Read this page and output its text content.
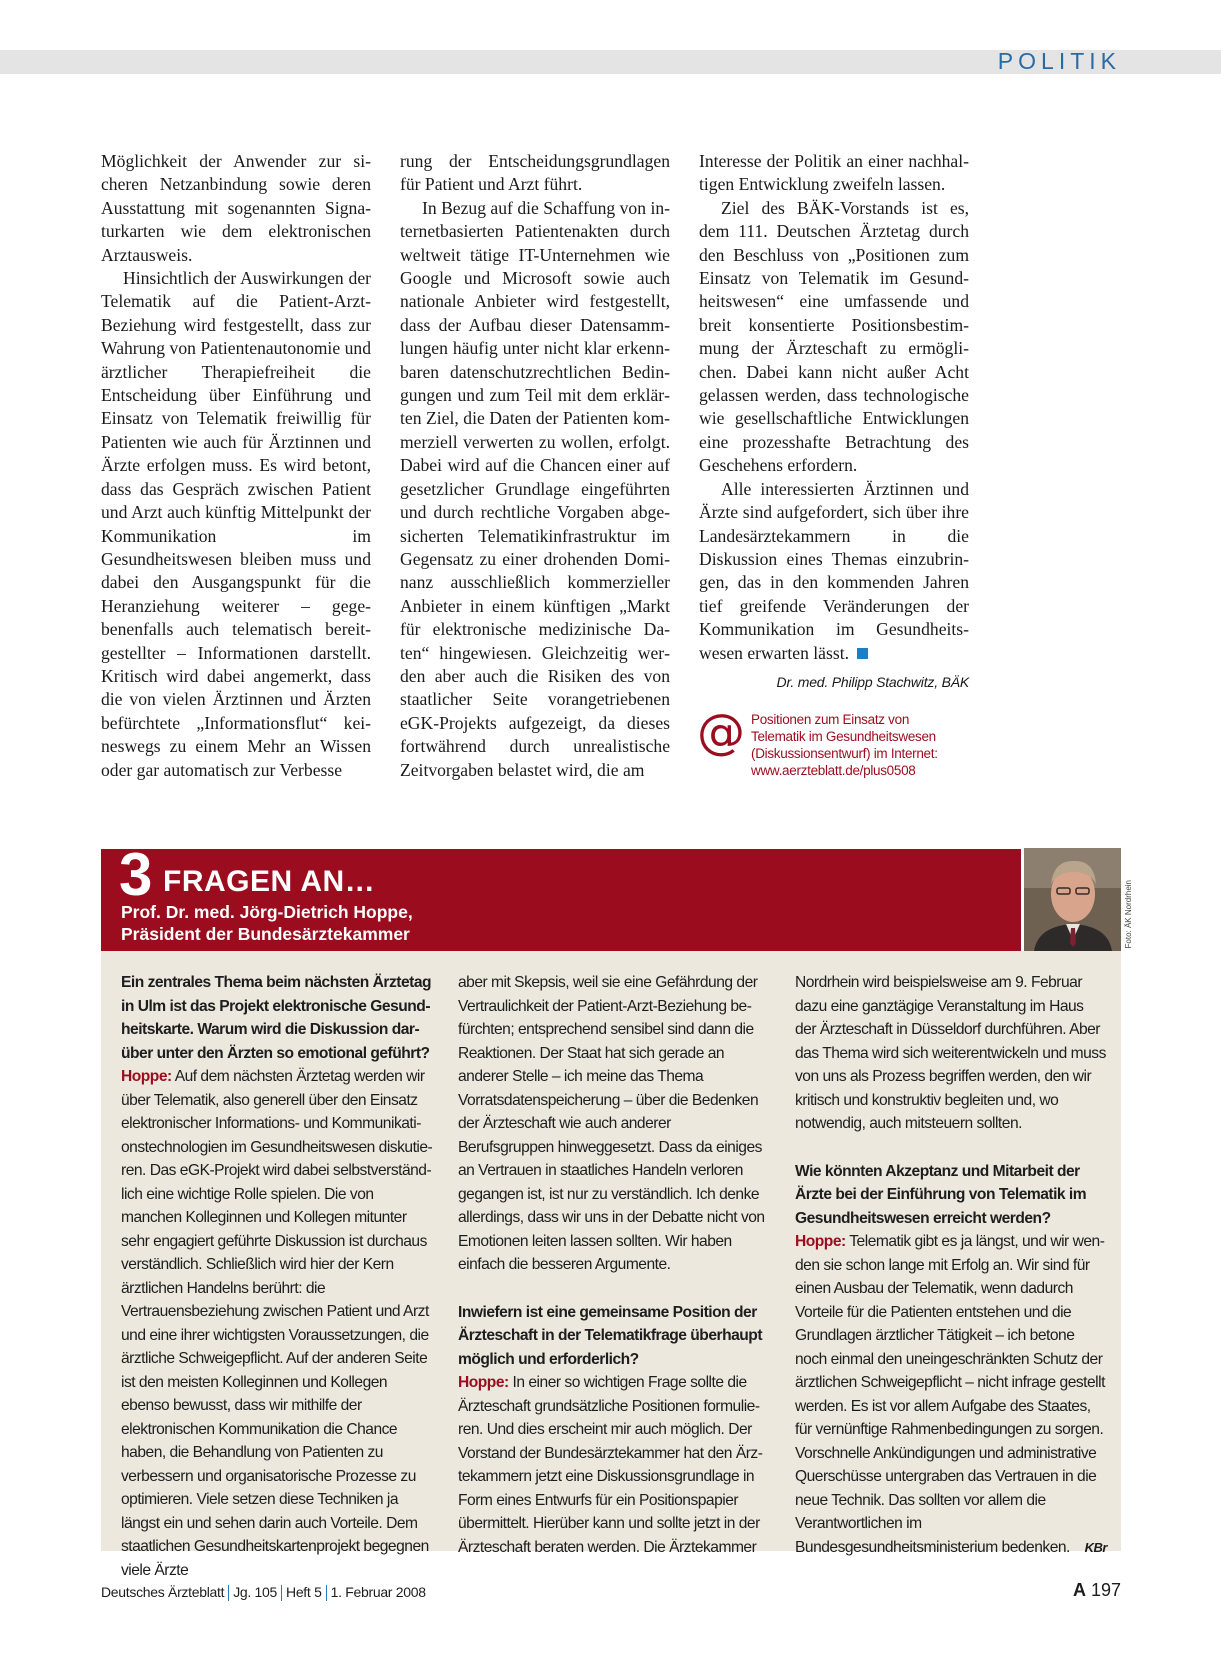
POLITIK

Möglichkeit der Anwender zur sicheren Netzanbindung sowie deren Ausstattung mit sogenannten Signaturkarten wie dem elektronischen Arztausweis.

Hinsichtlich der Auswirkungen der Telematik auf die Patient-Arzt-Beziehung wird festgestellt, dass zur Wahrung von Patientenautonomie und ärztlicher Therapiefreiheit die Entscheidung über Einführung und Einsatz von Telematik freiwillig für Patienten wie auch für Ärztinnen und Ärzte erfolgen muss. Es wird betont, dass das Gespräch zwischen Patient und Arzt auch künftig Mittelpunkt der Kommunikation im Gesundheitswesen bleiben muss und dabei den Ausgangspunkt für die Heranziehung weiterer – gegebenenfalls auch telematisch bereitgestellter – Informationen darstellt. Kritisch wird dabei angemerkt, dass die von vielen Ärztinnen und Ärzten befürchtete „Informationsflut“ keineswegs zu einem Mehr an Wissen oder gar automatisch zur Verbesse

rung der Entscheidungsgrundlagen für Patient und Arzt führt.

In Bezug auf die Schaffung von internetbasierten Patientenakten durch weltweit tätige IT-Unternehmen wie Google und Microsoft sowie auch nationale Anbieter wird festgestellt, dass der Aufbau dieser Datensammlungen häufig unter nicht klar erkennbaren datenschutzrechtlichen Bedingungen und zum Teil mit dem erklärten Ziel, die Daten der Patienten kommerziell verwerten zu wollen, erfolgt. Dabei wird auf die Chancen einer auf gesetzlicher Grundlage eingeführten und durch rechtliche Vorgaben abgesicherten Telematikinfrastruktur im Gegensatz zu einer drohenden Dominanz ausschließlich kommerzieller Anbieter in einem künftigen „Markt für elektronische medizinische Daten“ hingewiesen. Gleichzeitig werden aber auch die Risiken des von staatlicher Seite vorangetriebenen eGK-Projekts aufgezeigt, da dieses fortwährend durch unrealistische Zeitvorgaben belastet wird, die am

Interesse der Politik an einer nachhaltigen Entwicklung zweifeln lassen.

Ziel des BÄK-Vorstands ist es, dem 111. Deutschen Ärztetag durch den Beschluss von „Positionen zum Einsatz von Telematik im Gesundheitswesen“ eine umfassende und breit konsentierte Positionsbestimmung der Ärzteschaft zu ermöglichen. Dabei kann nicht außer Acht gelassen werden, dass technologische wie gesellschaftliche Entwicklungen eine prozesshafte Betrachtung des Geschehens erfordern.

Alle interessierten Ärztinnen und Ärzte sind aufgefordert, sich über ihre Landesärztekammern in die Diskussion eines Themas einzubringen, das in den kommenden Jahren tief greifende Veränderungen der Kommunikation im Gesundheitswesen erwarten lässt.

Dr. med. Philipp Stachwitz, BÄK
@ Positionen zum Einsatz von
Telematik im Gesundheitswesen
(Diskussionsentwurf) im Internet:
www.aerzteblatt.de/plus0508
3 FRAGEN AN…
Prof. Dr. med. Jörg-Dietrich Hoppe,
Präsident der Bundesärztekammer	Foto: ÄK Nordrhein

Ein zentrales Thema beim nächsten Ärztetag in Ulm ist das Projekt elektronische Gesundheitskarte. Warum wird die Diskussion darüber unter den Ärzten so emotional geführt?

Hoppe: Auf dem nächsten Ärztetag werden wir über Telematik, also generell über den Einsatz elektronischer Informations- und Kommunikationstechnologien im Gesundheitswesen diskutieren. Das eGK-Projekt wird dabei selbstverständlich eine wichtige Rolle spielen. Die von manchen Kolleginnen und Kollegen mitunter sehr engagiert geführte Diskussion ist durchaus verständlich. Schließlich wird hier der Kern ärztlichen Handelns berührt: die Vertrauensbeziehung zwischen Patient und Arzt und eine ihrer wichtigsten Voraussetzungen, die ärztliche Schweigepflicht. Auf der anderen Seite ist den meisten Kolleginnen und Kollegen ebenso bewusst, dass wir mithilfe der elektronischen Kommunikation die Chance haben, die Behandlung von Patienten zu verbessern und organisatorische Prozesse zu optimieren. Viele setzen diese Techniken ja längst ein und sehen darin auch Vorteile. Dem staatlichen Gesundheitskartenprojekt begegnen viele Ärzte

aber mit Skepsis, weil sie eine Gefährdung der Vertraulichkeit der Patient-Arzt-Beziehung befürchten; entsprechend sensibel sind dann die Reaktionen. Der Staat hat sich gerade an anderer Stelle – ich meine das Thema Vorratsdatenspeicherung – über die Bedenken der Ärzteschaft wie auch anderer Berufsgruppen hinweggesetzt. Dass da einiges an Vertrauen in staatliches Handeln verloren gegangen ist, ist nur zu verständlich. Ich denke allerdings, dass wir uns in der Debatte nicht von Emotionen leiten lassen sollten. Wir haben einfach die besseren Argumente.

Inwiefern ist eine gemeinsame Position der Ärzteschaft in der Telematikfrage überhaupt möglich und erforderlich?

Hoppe: In einer so wichtigen Frage sollte die Ärzteschaft grundsätzliche Positionen formulieren. Und dies erscheint mir auch möglich. Der Vorstand der Bundesärztekammer hat den Ärztekammern jetzt eine Diskussionsgrundlage in Form eines Entwurfs für ein Positionspapier übermittelt. Hierüber kann und sollte jetzt in der Ärzteschaft beraten werden. Die Ärztekammer

Nordrhein wird beispielsweise am 9. Februar dazu eine ganztägige Veranstaltung im Haus der Ärzteschaft in Düsseldorf durchführen. Aber das Thema wird sich weiterentwickeln und muss von uns als Prozess begriffen werden, den wir kritisch und konstruktiv begleiten und, wo notwendig, auch mitsteuern sollten.

Wie könnten Akzeptanz und Mitarbeit der Ärzte bei der Einführung von Telematik im Gesundheitswesen erreicht werden?

Hoppe: Telematik gibt es ja längst, und wir wenden sie schon lange mit Erfolg an. Wir sind für einen Ausbau der Telematik, wenn dadurch Vorteile für die Patienten entstehen und die Grundlagen ärztlicher Tätigkeit – ich betone noch einmal den uneingeschränkten Schutz der ärztlichen Schweigepflicht – nicht infrage gestellt werden. Es ist vor allem Aufgabe des Staates, für vernünftige Rahmenbedingungen zu sorgen. Vorschnelle Ankündigungen und administrative Querschüsse untergraben das Vertrauen in die neue Technik. Das sollten vor allem die Verantwortlichen im Bundesgesundheitsministerium bedenken. KBr

Deutsches Ärzteblatt Jg. 105 Heft 5 1. Februar 2008	A 197
